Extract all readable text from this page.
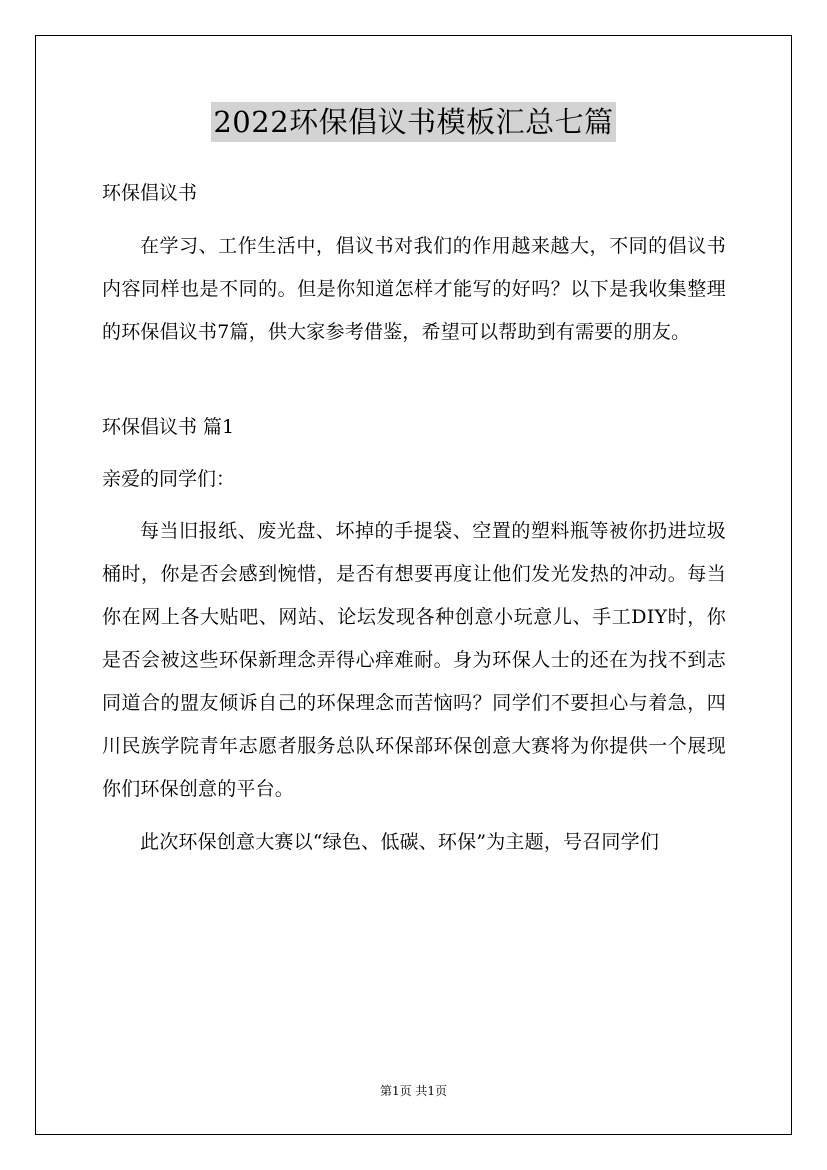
2022环保倡议书模板汇总七篇

环保倡议书

在学习、工作生活中，倡议书对我们的作用越来越大，不同的倡议书内容同样也是不同的。但是你知道怎样才能写的好吗？以下是我收集整理的环保倡议书7篇，供大家参考借鉴，希望可以帮助到有需要的朋友。

环保倡议书 篇1

亲爱的同学们：

每当旧报纸、废光盘、坏掉的手提袋、空置的塑料瓶等被你扔进垃圾桶时，你是否会感到惋惜，是否有想要再度让他们发光发热的冲动。每当你在网上各大贴吧、网站、论坛发现各种创意小玩意儿、手工DIY时，你是否会被这些环保新理念弄得心痒难耐。身为环保人士的还在为找不到志同道合的盟友倾诉自己的环保理念而苦恼吗？同学们不要担心与着急，四川民族学院青年志愿者服务总队环保部环保创意大赛将为你提供一个展现你们环保创意的平台。

此次环保创意大赛以“绿色、低碳、环保”为主题，号召同学们

第1页 共1页
